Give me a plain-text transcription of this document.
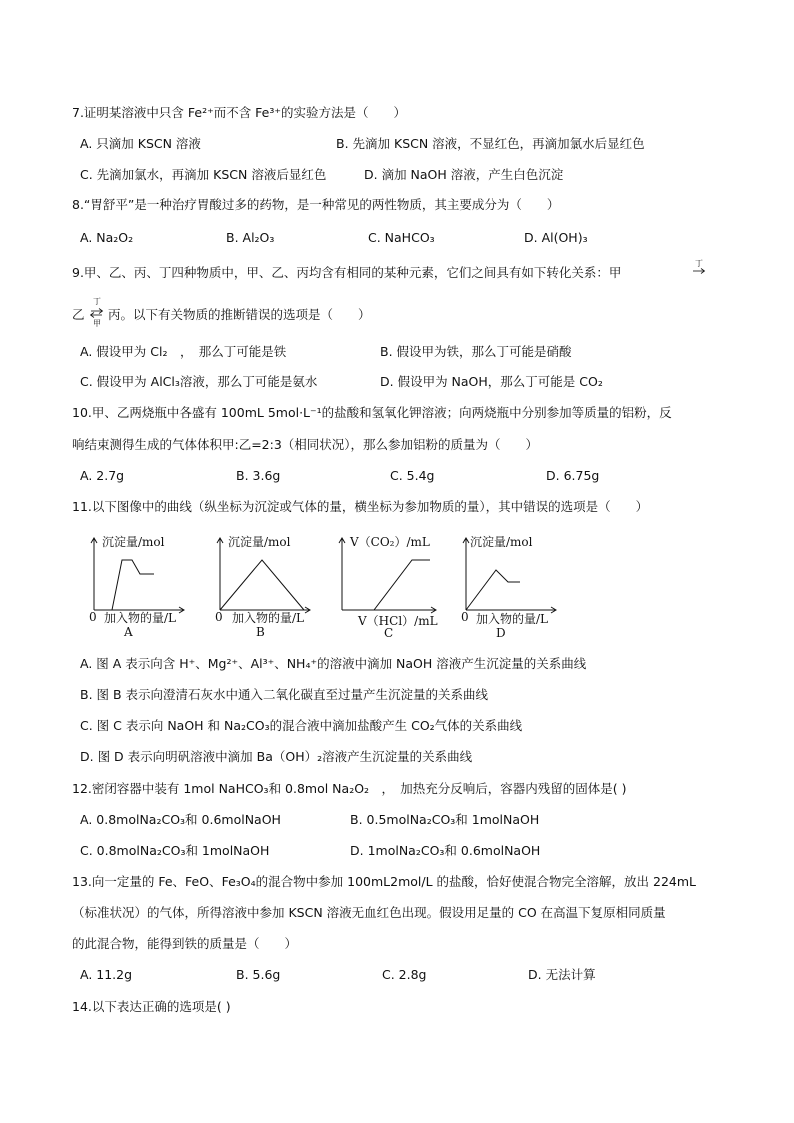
7.证明某溶液中只含 Fe²⁺而不含 Fe³⁺的实验方法是（　　）
A. 只滴加 KSCN 溶液	B. 先滴加 KSCN 溶液，不显红色，再滴加氯水后显红色
C. 先滴加氯水，再滴加 KSCN 溶液后显红色	D. 滴加 NaOH 溶液，产生白色沉淀
8.“胃舒平”是一种治疗胃酸过多的药物，是一种常见的两性物质，其主要成分为（　　）
A. Na₂O₂	B. Al₂O₃	C. NaHCO₃	D. Al(OH)₃
9.甲、乙、丙、丁四种物质中，甲、乙、丙均含有相同的某种元素，它们之间具有如下转化关系：甲
丁
乙
丁
甲
丙。以下有关物质的推断错误的选项是（　　）
A. 假设甲为 Cl₂　，　那么丁可能是铁	B. 假设甲为铁，那么丁可能是硝酸
C. 假设甲为 AlCl₃溶液，那么丁可能是氨水	D. 假设甲为 NaOH，那么丁可能是 CO₂
10.甲、乙两烧瓶中各盛有 100mL 5mol·L⁻¹的盐酸和氢氧化钾溶液；向两烧瓶中分别参加等质量的铝粉，反
响结束测得生成的气体体积甲:乙=2:3（相同状况），那么参加铝粉的质量为（　　）
A. 2.7g	B. 3.6g	C. 5.4g	D. 6.75g
11.以下图像中的曲线（纵坐标为沉淀或气体的量，横坐标为参加物质的量），其中错误的选项是（　　）
沉淀量/mol
0 加入物的量/L
A
沉淀量/mol
0 加入物的量/L
B
V（CO₂）/mL
V（HCl）/mL
C
沉淀量/mol
0 加入物的量/L
D
A. 图 A 表示向含 H⁺、Mg²⁺、Al³⁺、NH₄⁺的溶液中滴加 NaOH 溶液产生沉淀量的关系曲线
B. 图 B 表示向澄清石灰水中通入二氧化碳直至过量产生沉淀量的关系曲线
C. 图 C 表示向 NaOH 和 Na₂CO₃的混合液中滴加盐酸产生 CO₂气体的关系曲线
D. 图 D 表示向明矾溶液中滴加 Ba（OH）₂溶液产生沉淀量的关系曲线
12.密闭容器中装有 1mol NaHCO₃和 0.8mol Na₂O₂　，　加热充分反响后，容器内残留的固体是( )
A. 0.8molNa₂CO₃和 0.6molNaOH	B. 0.5molNa₂CO₃和 1molNaOH
C. 0.8molNa₂CO₃和 1molNaOH	D. 1molNa₂CO₃和 0.6molNaOH
13.向一定量的 Fe、FeO、Fe₃O₄的混合物中参加 100mL2mol/L 的盐酸，恰好使混合物完全溶解，放出 224mL
（标准状况）的气体，所得溶液中参加 KSCN 溶液无血红色出现。假设用足量的 CO 在高温下复原相同质量
的此混合物，能得到铁的质量是（　　）
A. 11.2g	B. 5.6g	C. 2.8g	D. 无法计算
14.以下表达正确的选项是( )
